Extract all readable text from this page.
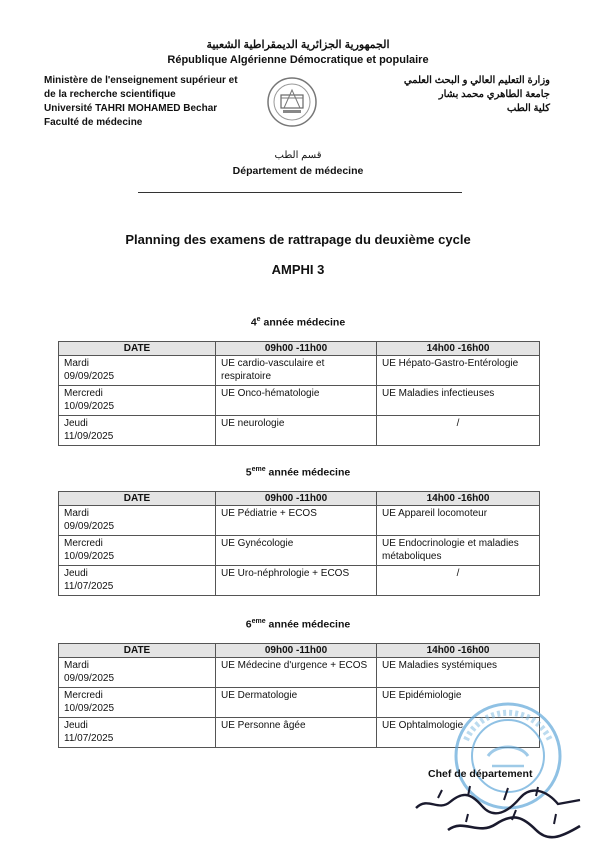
الجمهورية الجزائرية الديمقراطية الشعبية
République Algérienne Démocratique et populaire
Ministère de l'enseignement supérieur et
de la recherche scientifique
Université TAHRI MOHAMED Bechar
Faculté de médecine
وزارة التعليم العالي و البحث العلمي
جامعة الطاهري محمد بشار
كلية الطب
قسم الطب
Département de médecine
Planning des examens de rattrapage du deuxième cycle
AMPHI 3
4e année médecine
DATE	09h00 -11h00	14h00 -16h00

Mardi
09/09/2025	UE cardio-vasculaire et respiratoire	UE Hépato-Gastro-Entérologie

Mercredi
10/09/2025	UE Onco-hématologie	UE Maladies infectieuses

Jeudi
11/09/2025	UE neurologie	/
5eme année médecine
DATE	09h00 -11h00	14h00 -16h00

Mardi
09/09/2025	UE Pédiatrie + ECOS	UE Appareil locomoteur

Mercredi
10/09/2025	UE Gynécologie	UE Endocrinologie et maladies métaboliques

Jeudi
11/07/2025	UE Uro-néphrologie + ECOS	/
6eme année médecine
DATE	09h00 -11h00	14h00 -16h00

Mardi
09/09/2025	UE Médecine d'urgence + ECOS	UE Maladies systémiques

Mercredi
10/09/2025	UE Dermatologie	UE Epidémiologie

Jeudi
11/07/2025	UE Personne âgée	UE Ophtalmologie
Chef de département
